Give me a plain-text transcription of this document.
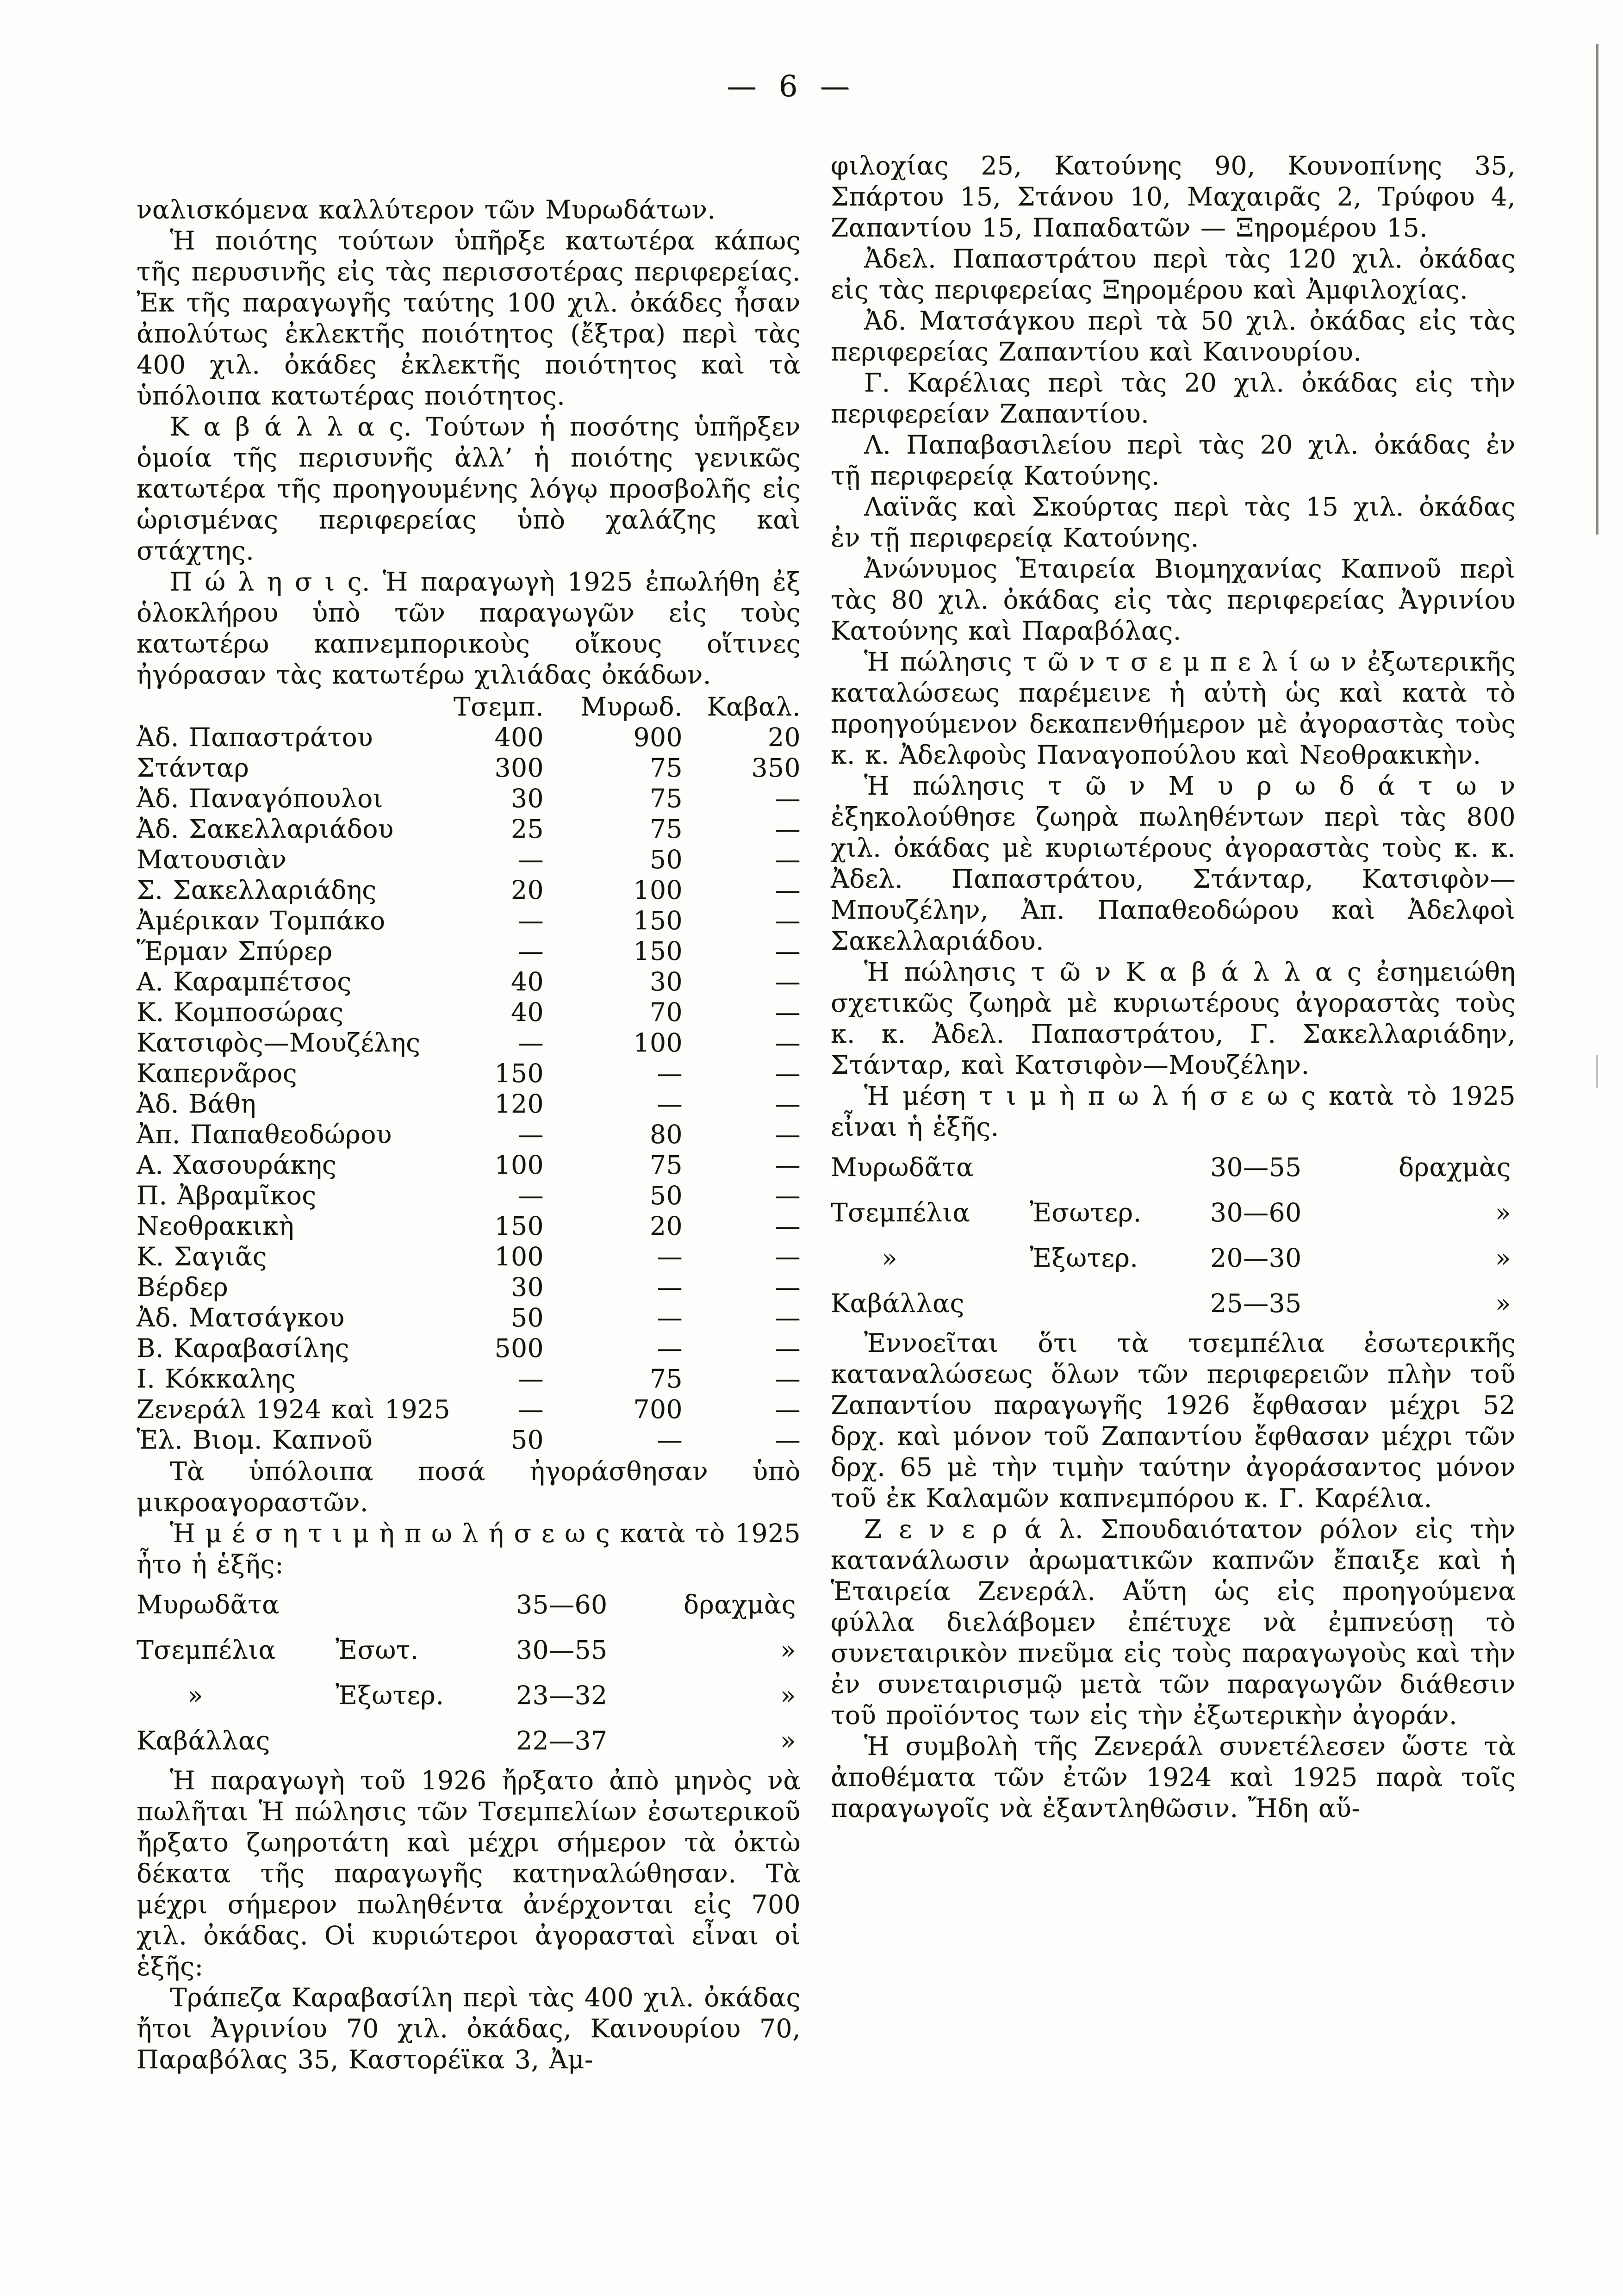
— 6 —

ναλισκόμενα καλλύτερον τῶν Μυρωδάτων.

Ἡ ποιότης τούτων ὑπῆρξε κατωτέρα κάπως τῆς περυσινῆς εἰς τὰς περισσοτέρας περιφερείας. Ἐκ τῆς παραγωγῆς ταύτης 100 χιλ. ὀκάδες ἦσαν ἀπολύτως ἐκλεκτῆς ποιότητος (ἔξτρα) περὶ τὰς 400 χιλ. ὀκάδες ἐκλεκτῆς ποιότητος καὶ τὰ ὑπόλοιπα κατωτέρας ποιότητος.

Κ α β ά λ λ α ς. Τούτων ἡ ποσότης ὑπῆρξεν ὁμοία τῆς περισυνῆς ἀλλ’ ἡ ποιότης γενικῶς κατωτέρα τῆς προηγουμένης λόγῳ προσβολῆς εἰς ὡρισμένας περιφερείας ὑπὸ χαλάζης καὶ στάχτης.

Π ώ λ η σ ι ς. Ἡ παραγωγὴ 1925 ἐπωλήθη ἐξ ὁλοκλήρου ὑπὸ τῶν παραγωγῶν εἰς τοὺς κατωτέρω καπνεμπορικοὺς οἴκους οἵτινες ἠγόρασαν τὰς κατωτέρω χιλιάδας ὀκάδων.

Τσεμπ.	Μυρωδ. Καβαλ.
Ἀδ. Παπαστράτου	400	900	20
Στάνταρ	300	75	350
Ἀδ. Παναγόπουλοι	30	75	—
Ἀδ. Σακελλαριάδου	25	75	—
Ματουσιὰν	—	50	—
Σ. Σακελλαριάδης	20	100	—
Ἀμέρικαν Τομπάκο	—	150	—
Ἕρμαν Σπύρερ	—	150	—
Α. Καραμπέτσος	40	30	—
Κ. Κομποσώρας	40	70	—
Κατσιφὸς—Μουζέλης	—	100	—
Καπερνᾶρος	150	—	—
Ἀδ. Βάθη	120	—	—
Ἀπ. Παπαθεοδώρου	—	80	—
Α. Χασουράκης	100	75	—
Π. Ἀβραμῖκος	—	50	—
Νεοθρακικὴ	150	20	—
Κ. Σαγιᾶς	100	—	—
Βέρδερ	30	—	—
Ἀδ. Ματσάγκου	50	—	—
Β. Καραβασίλης	500	—	—
Ι. Κόκκαλης	—	75	—
Ζενεράλ 1924 καὶ 1925	—	700	—
Ἑλ. Βιομ. Καπνοῦ	50	—	—

Τὰ ὑπόλοιπα ποσά ἠγοράσθησαν ὑπὸ μικροαγοραστῶν.

Ἡ μ έ σ η τ ι μ ὴ π ω λ ή σ ε ω ς κατὰ τὸ 1925 ἦτο ἡ ἑξῆς:

Μυρωδᾶτα	35—60	δραχμὰς
Τσεμπέλια	Ἐσωτ.	30—55	»
»	Ἐξωτερ.	23—32	»
Καβάλλας	22—37	»

Ἡ παραγωγὴ τοῦ 1926 ἤρξατο ἀπὸ μηνὸς νὰ πωλῆται Ἡ πώλησις τῶν Τσεμπελίων ἐσωτερικοῦ ἤρξατο ζωηροτάτη καὶ μέχρι σήμερον τὰ ὀκτὼ δέκατα τῆς παραγωγῆς κατηναλώθησαν. Τὰ μέχρι σήμερον πωληθέντα ἀνέρχονται εἰς 700 χιλ. ὀκάδας. Οἱ κυριώτεροι ἀγορασταὶ εἶναι οἱ ἑξῆς:

Τράπεζα Καραβασίλη περὶ τὰς 400 χιλ. ὀκάδας ἤτοι Ἀγρινίου 70 χιλ. ὀκάδας, Καινουρίου 70, Παραβόλας 35, Καστορέϊκα 3, Ἀμ-

φιλοχίας 25, Κατούνης 90, Κουνοπίνης 35, Σπάρτου 15, Στάνου 10, Μαχαιρᾶς 2, Τρύφου 4, Ζαπαντίου 15, Παπαδατῶν — Ξηρομέρου 15.

Ἀδελ. Παπαστράτου περὶ τὰς 120 χιλ. ὀκάδας εἰς τὰς περιφερείας Ξηρομέρου καὶ Ἀμφιλοχίας.

Ἀδ. Ματσάγκου περὶ τὰ 50 χιλ. ὀκάδας εἰς τὰς περιφερείας Ζαπαντίου καὶ Καινουρίου.

Γ. Καρέλιας περὶ τὰς 20 χιλ. ὀκάδας εἰς τὴν περιφερείαν Ζαπαντίου.

Λ. Παπαβασιλείου περὶ τὰς 20 χιλ. ὀκάδας ἐν τῇ περιφερείᾳ Κατούνης.

Λαϊνᾶς καὶ Σκούρτας περὶ τὰς 15 χιλ. ὀκάδας ἐν τῇ περιφερείᾳ Κατούνης.

Ἀνώνυμος Ἑταιρεία Βιομηχανίας Καπνοῦ περὶ τὰς 80 χιλ. ὀκάδας εἰς τὰς περιφερείας Ἀγρινίου Κατούνης καὶ Παραβόλας.

Ἡ πώλησις τ ῶ ν τ σ ε μ π ε λ ί ω ν ἐξωτερικῆς καταλώσεως παρέμεινε ἡ αὐτὴ ὡς καὶ κατὰ τὸ προηγούμενον δεκαπενθήμερον μὲ ἀγοραστὰς τοὺς κ. κ. Ἀδελφοὺς Παναγοπούλου καὶ Νεοθρακικὴν.

Ἡ πώλησις τ ῶ ν Μ υ ρ ω δ ά τ ω ν ἐξηκολούθησε ζωηρὰ πωληθέντων περὶ τὰς 800 χιλ. ὀκάδας μὲ κυριωτέρους ἀγοραστὰς τοὺς κ. κ. Ἀδελ. Παπαστράτου, Στάνταρ, Κατσιφὸν—Μπουζέλην, Ἀπ. Παπαθεοδώρου καὶ Ἀδελφοὶ Σακελλαριάδου.

Ἡ πώλησις τ ῶ ν Κ α β ά λ λ α ς ἐσημειώθη σχετικῶς ζωηρὰ μὲ κυριωτέρους ἀγοραστὰς τοὺς κ. κ. Ἀδελ. Παπαστράτου, Γ. Σακελλαριάδην, Στάνταρ, καὶ Κατσιφὸν—Μουζέλην.

Ἡ μέση τ ι μ ὴ π ω λ ή σ ε ω ς κατὰ τὸ 1925 εἶναι ἡ ἑξῆς.

Μυρωδᾶτα	30—55	δραχμὰς
Τσεμπέλια	Ἐσωτερ.	30—60	»
»	Ἐξωτερ.	20—30	»
Καβάλλας	25—35	»

Ἐννοεῖται ὅτι τὰ τσεμπέλια ἐσωτερικῆς καταναλώσεως ὅλων τῶν περιφερειῶν πλὴν τοῦ Ζαπαντίου παραγωγῆς 1926 ἔφθασαν μέχρι 52 δρχ. καὶ μόνον τοῦ Ζαπαντίου ἔφθασαν μέχρι τῶν δρχ. 65 μὲ τὴν τιμὴν ταύτην ἀγοράσαντος μόνον τοῦ ἐκ Καλαμῶν καπνεμπόρου κ. Γ. Καρέλια.

Ζ ε ν ε ρ ά λ. Σπουδαιότατον ρόλον εἰς τὴν κατανάλωσιν ἀρωματικῶν καπνῶν ἔπαιξε καὶ ἡ Ἑταιρεία Ζενεράλ. Αὕτη ὡς εἰς προηγούμενα φύλλα διελάβομεν ἐπέτυχε νὰ ἐμπνεύσῃ τὸ συνεταιρικὸν πνεῦμα εἰς τοὺς παραγωγοὺς καὶ τὴν ἐν συνεταιρισμῷ μετὰ τῶν παραγωγῶν διάθεσιν τοῦ προϊόντος των εἰς τὴν ἐξωτερικὴν ἀγοράν.

Ἡ συμβολὴ τῆς Ζενεράλ συνετέλεσεν ὥστε τὰ ἀποθέματα τῶν ἐτῶν 1924 καὶ 1925 παρὰ τοῖς παραγωγοῖς νὰ ἐξαντληθῶσιν. Ἤδη αὕ-
